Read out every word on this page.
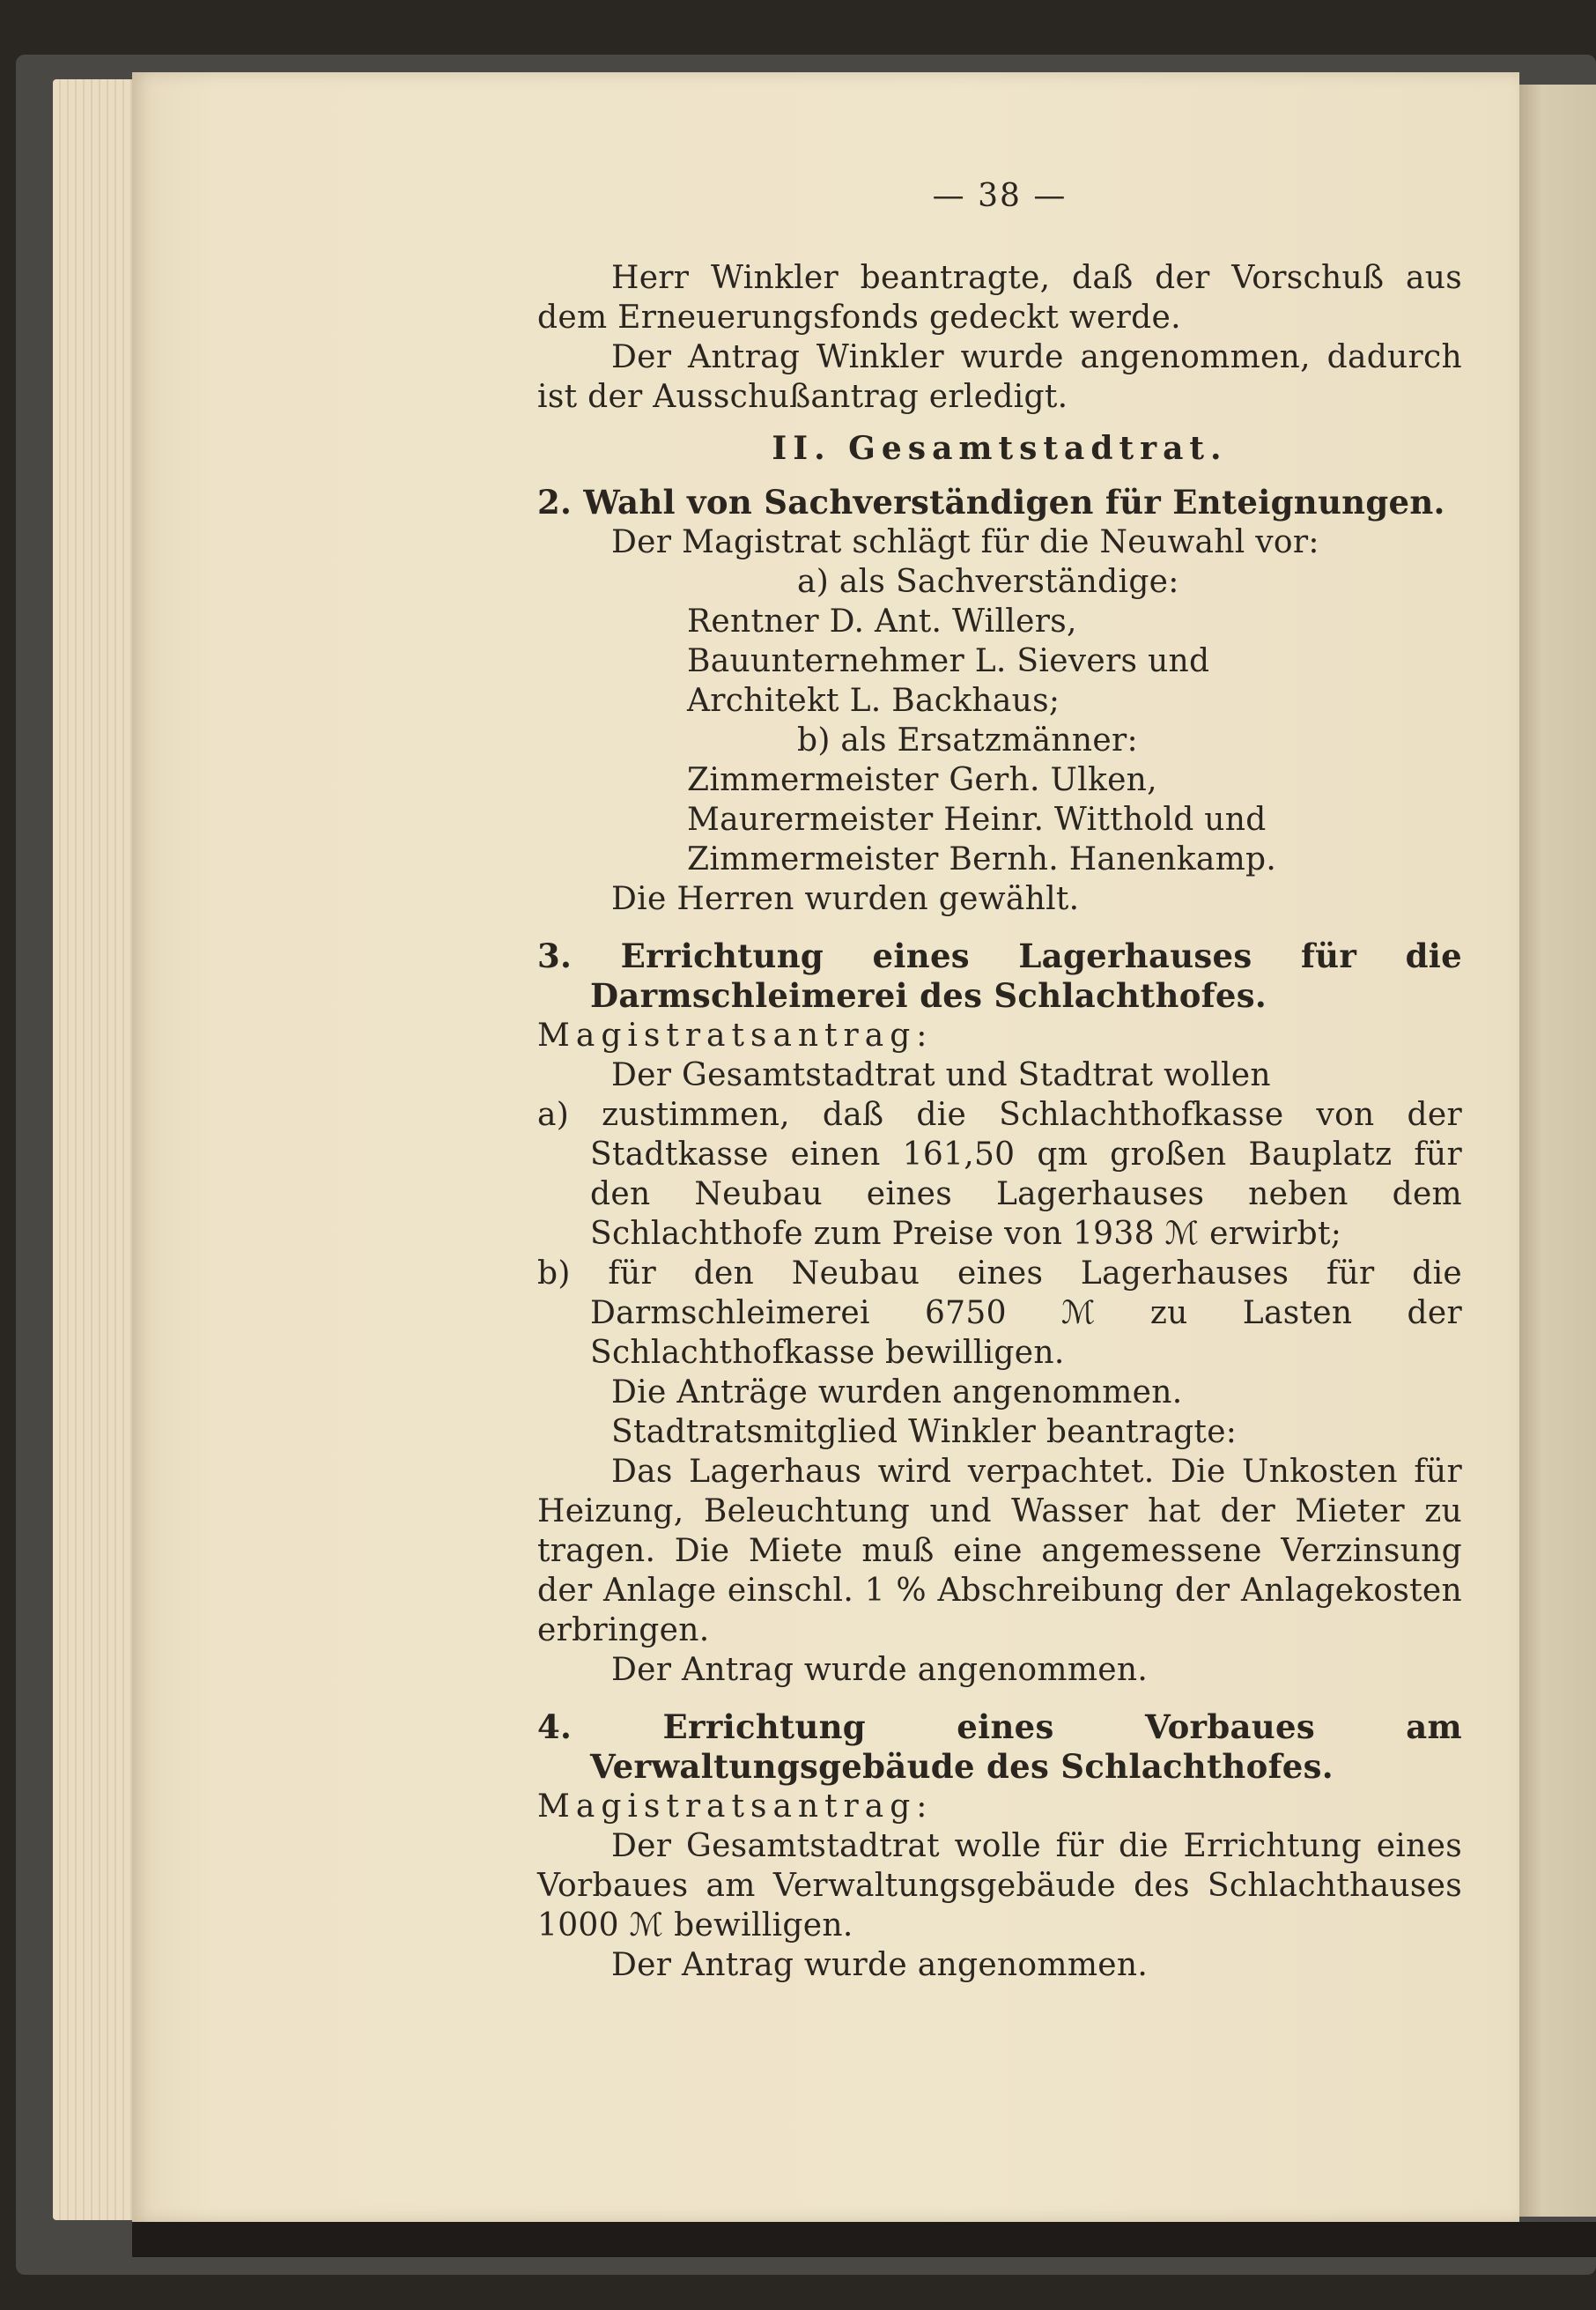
— 38 —

Herr Winkler beantragte, daß der Vorschuß aus dem Erneuerungsfonds gedeckt werde.

Der Antrag Winkler wurde angenommen, dadurch ist der Ausschußantrag erledigt.

II. Gesamtstadtrat.

2. Wahl von Sachverständigen für Enteignungen.

Der Magistrat schlägt für die Neuwahl vor:

a) als Sachverständige:

Rentner D. Ant. Willers,

Bauunternehmer L. Sievers und

Architekt L. Backhaus;

b) als Ersatzmänner:

Zimmermeister Gerh. Ulken,

Maurermeister Heinr. Witthold und

Zimmermeister Bernh. Hanenkamp.

Die Herren wurden gewählt.

3. Errichtung eines Lagerhauses für die Darmschleimerei des Schlachthofes.

Magistratsantrag:

Der Gesamtstadtrat und Stadtrat wollen

a) zustimmen, daß die Schlachthofkasse von der Stadtkasse einen 161,50 qm großen Bauplatz für den Neubau eines Lagerhauses neben dem Schlachthofe zum Preise von 1938 ℳ erwirbt;

b) für den Neubau eines Lagerhauses für die Darmschleimerei 6750 ℳ zu Lasten der Schlachthofkasse bewilligen.

Die Anträge wurden angenommen.

Stadtratsmitglied Winkler beantragte:

Das Lagerhaus wird verpachtet. Die Unkosten für Heizung, Beleuchtung und Wasser hat der Mieter zu tragen. Die Miete muß eine angemessene Verzinsung der Anlage einschl. 1 % Abschreibung der Anlagekosten erbringen.

Der Antrag wurde angenommen.

4. Errichtung eines Vorbaues am Verwaltungsgebäude des Schlachthofes.

Magistratsantrag:

Der Gesamtstadtrat wolle für die Errichtung eines Vorbaues am Verwaltungsgebäude des Schlachthauses 1000 ℳ bewilligen.

Der Antrag wurde angenommen.
